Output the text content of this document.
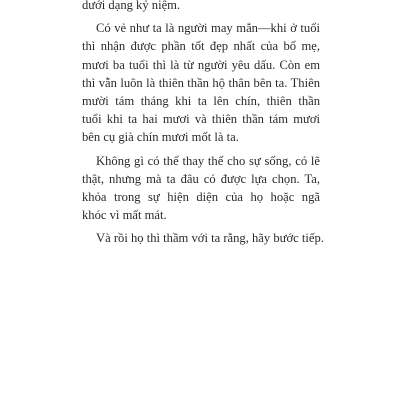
dưới dạng kỷ niệm.
Có vẻ như ta là người may mắn—khi ở tuổi
thì nhận được phần tốt đẹp nhất của bố mẹ,
mươi ba tuổi thì là từ người yêu dấu. Còn em
thì vẫn luôn là thiên thần hộ thân bên ta. Thiên
mười tám tháng khi ta lên chín, thiên thần
tuổi khi ta hai mươi và thiên thần tám mươi
bên cụ già chín mươi mốt là ta.
Không gì có thể thay thế cho sự sống, có lẽ
thật, nhưng mà ta đâu có được lựa chọn. Ta,
khỏa trong sự hiện diện của họ hoặc ngã
khóc vì mất mát.
Và rồi họ thì thầm với ta rằng, hãy bước tiếp.
